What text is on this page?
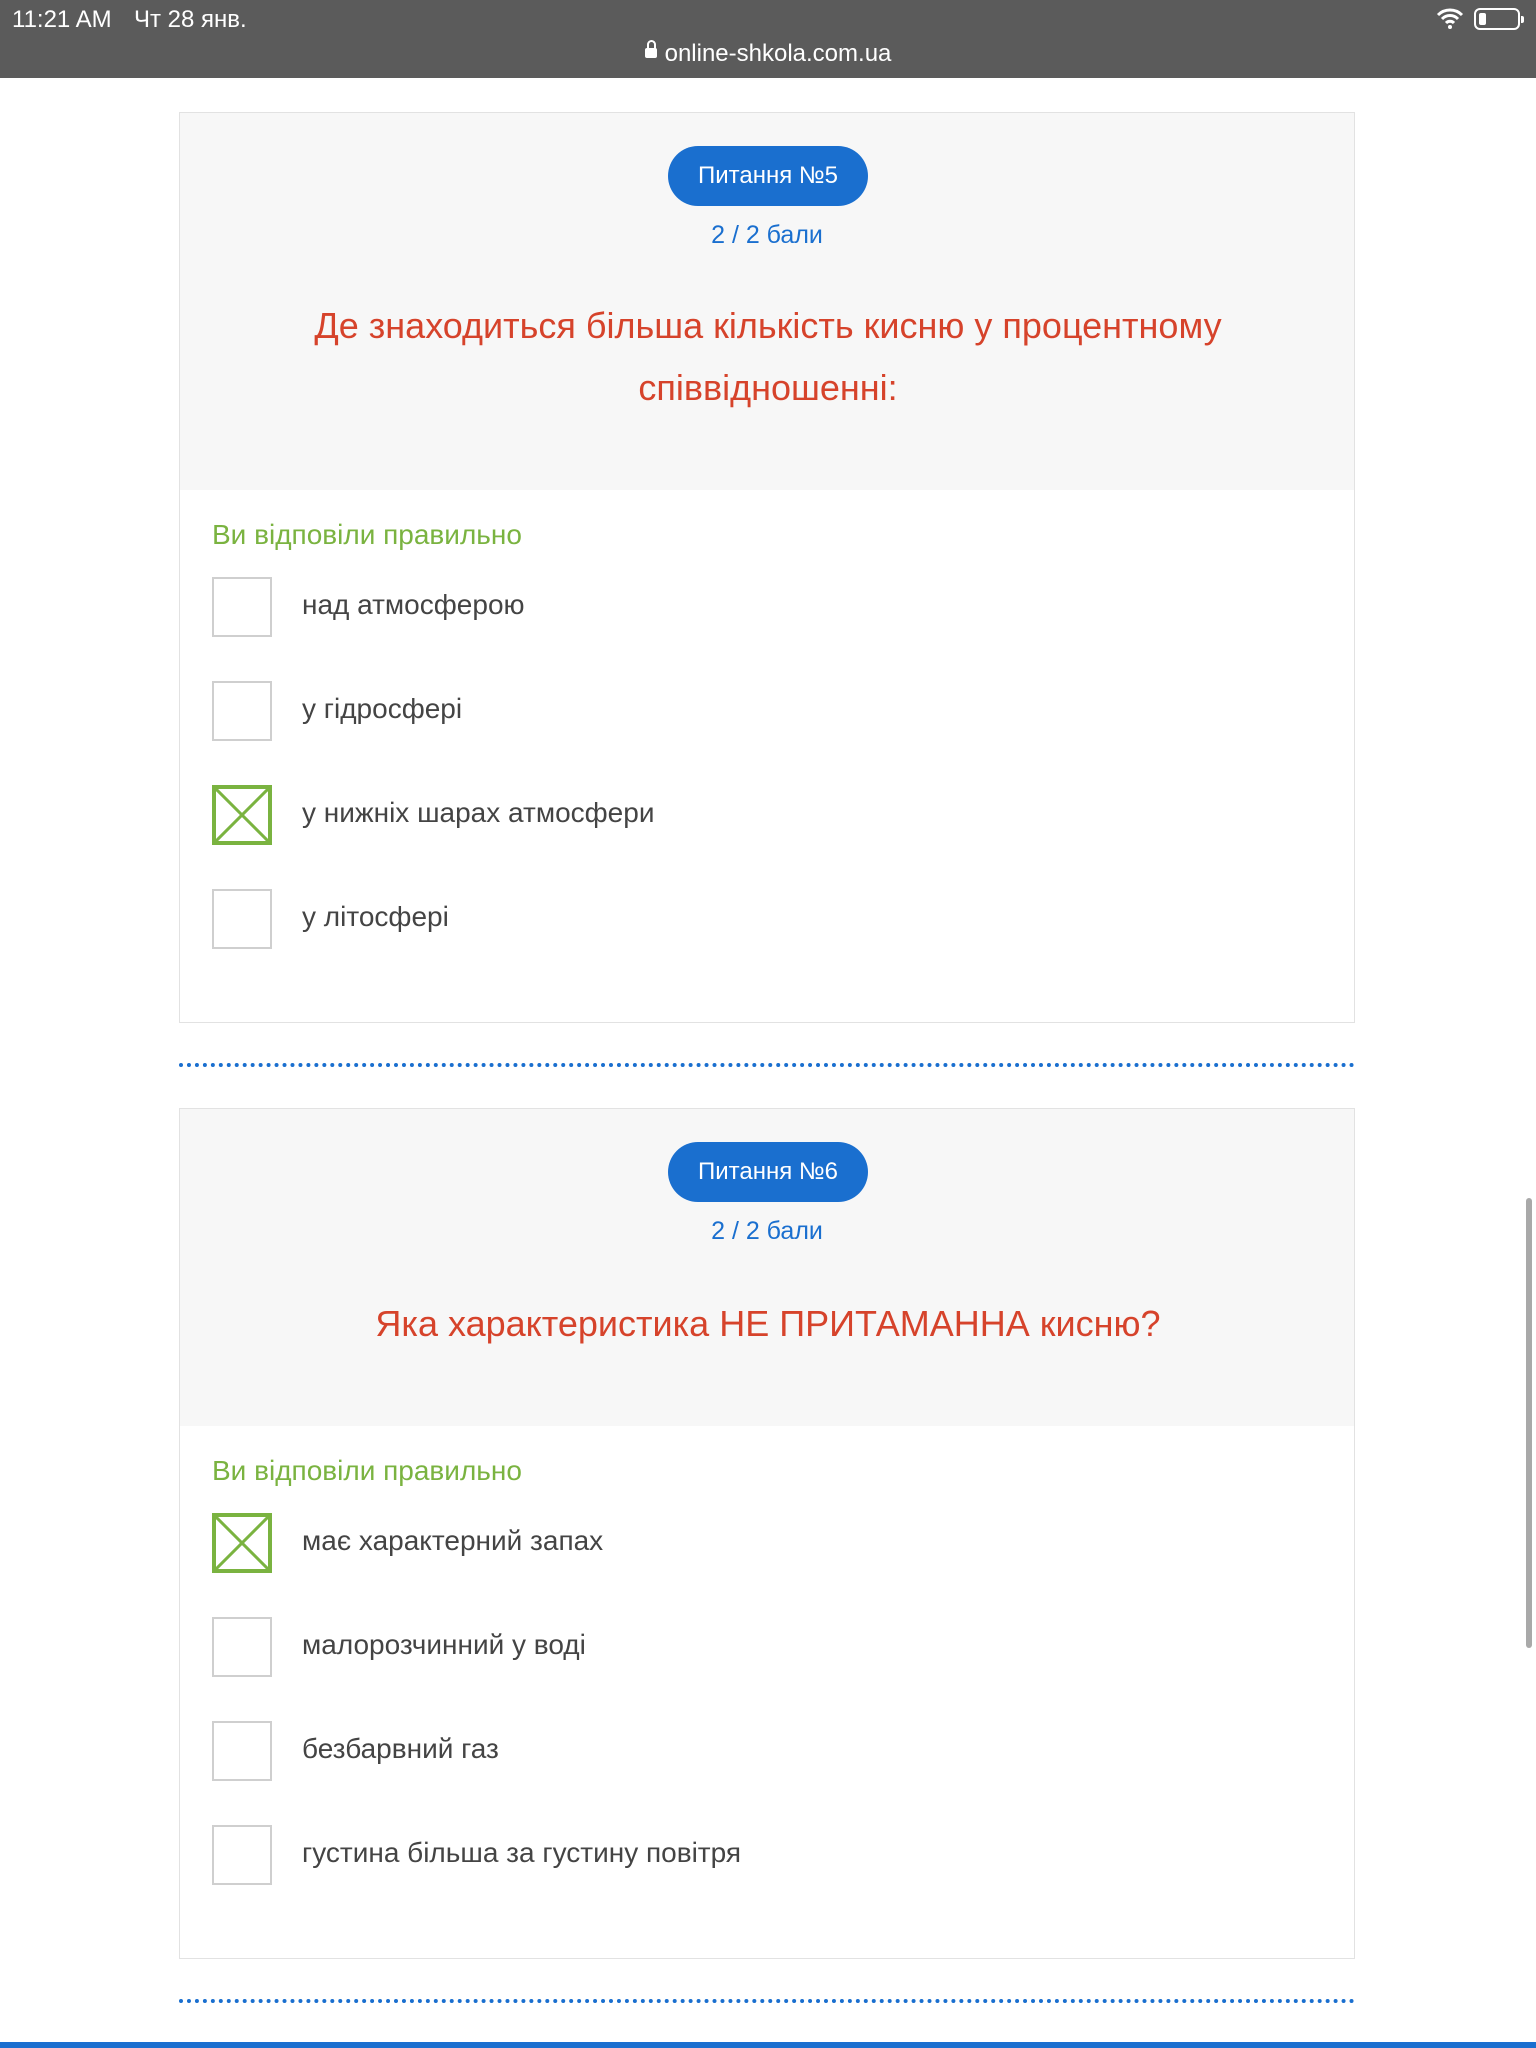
11:21 AM Чт 28 янв.
online-shkola.com.ua
Питання №5
2 / 2 бали
Де знаходиться більша кількість кисню у процентному
співвідношенні:
Ви відповіли правильно
над атмосферою
у гідросфері
у нижніх шарах атмосфери
у літосфері
Питання №6
2 / 2 бали
Яка характеристика НЕ ПРИТАМАННА кисню?
Ви відповіли правильно
має характерний запах
малорозчинний у воді
безбарвний газ
густина більша за густину повітря
